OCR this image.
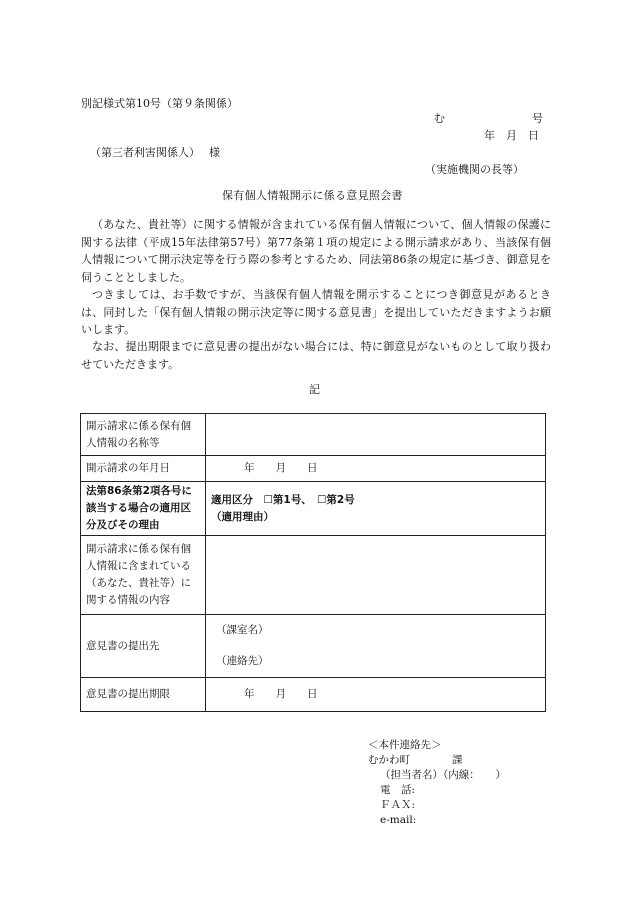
別記様式第10号（第９条関係）
む	号
年　月　日
（第三者利害関係人）　 様
（実施機関の長等）
保有個人情報開示に係る意見照会書

（あなた、貴社等）に関する情報が含まれている保有個人情報について、個人情報の保護に関する法律（平成15年法律第57号）第77条第１項の規定による開示請求があり、当該保有個人情報について開示決定等を行う際の参考とするため、同法第86条の規定に基づき、御意見を伺うこととしました。

つきましては、お手数ですが、当該保有個人情報を開示することにつき御意見があるときは、同封した「保有個人情報の開示決定等に関する意見書」を提出していただきますようお願いします。

なお、提出期限までに意見書の提出がない場合には、特に御意見がないものとして取り扱わせていただきます。

記
開示請求に係る保有個人情報の名称等	
開示請求の年月日	年　　月　　日
法第86条第2項各号に該当する場合の適用区分及びその理由	適用区分　☐第1号、　☐第2号
（適用理由）

開示請求に係る保有個人情報に含まれている（あなた、貴社等）に関する情報の内容	
意見書の提出先	（課室名）
（連絡先）

意見書の提出期限	年　　月　　日
＜本件連絡先＞
むかわ町　　　　課
（担当者名）（内線：　　）
電　話:
ＦＡＸ:
e-mail:
